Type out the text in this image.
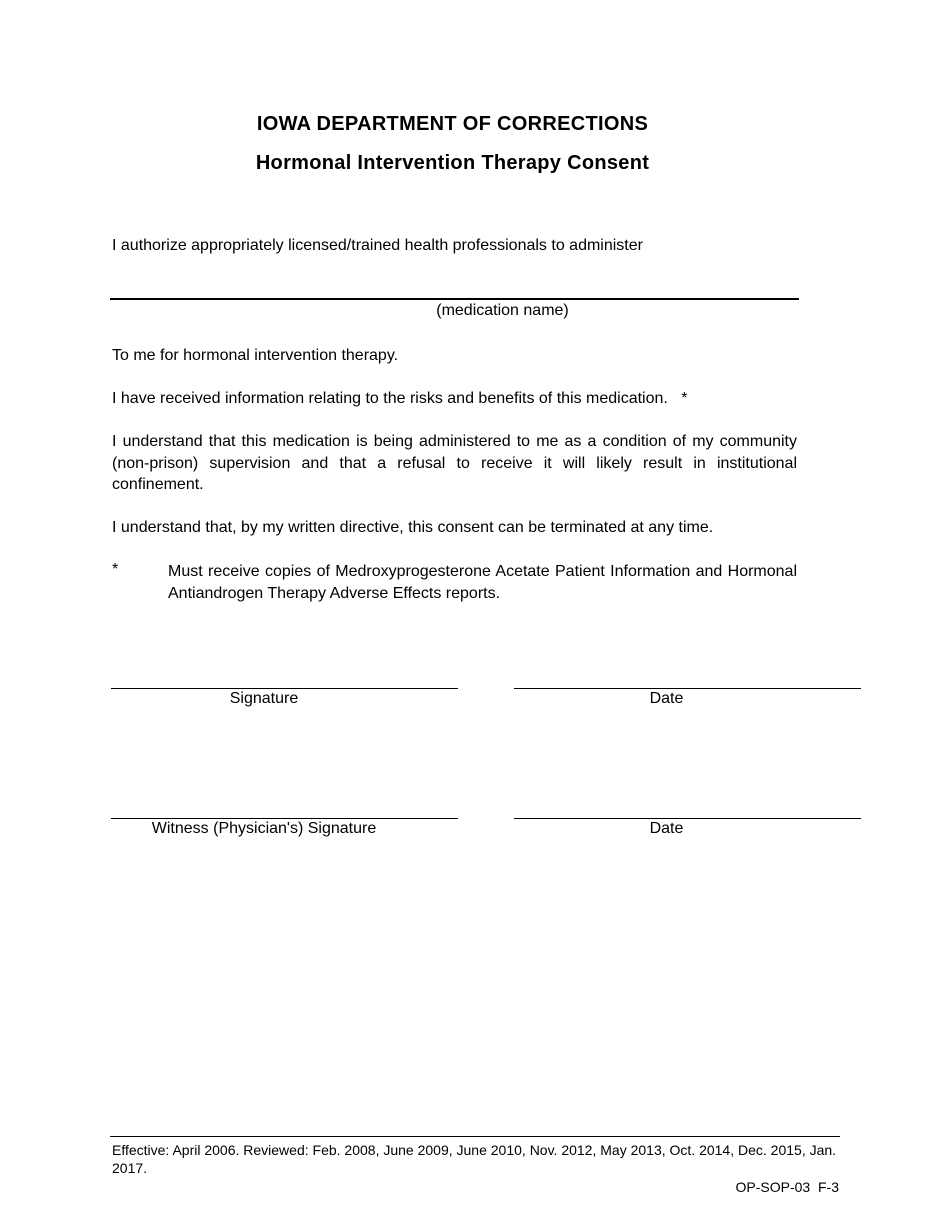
IOWA DEPARTMENT OF CORRECTIONS
Hormonal Intervention Therapy Consent
I authorize appropriately licensed/trained health professionals to administer
(medication name)
To me for hormonal intervention therapy.
I have received information relating to the risks and benefits of this medication.   *
I understand that this medication is being administered to me as a condition of my community (non-prison) supervision and that a refusal to receive it will likely result in institutional confinement.
I understand that, by my written directive, this consent can be terminated at any time.
*	Must receive copies of Medroxyprogesterone Acetate Patient Information and Hormonal Antiandrogen Therapy Adverse Effects reports.
Signature	Date
Witness (Physician's) Signature	Date
Effective: April 2006. Reviewed: Feb. 2008, June 2009, June 2010, Nov. 2012, May 2013, Oct. 2014, Dec. 2015, Jan. 2017.
OP-SOP-03  F-3
